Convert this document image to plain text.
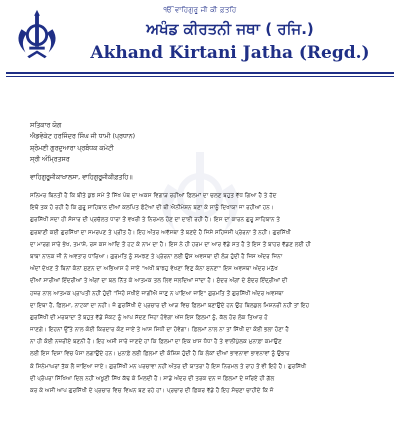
ੴ ਵਾਹਿਗੁਰੂ ਜੀ ਕੀ ਫ਼ਤਹਿ
ਅਖੰਡ ਕੀਰਤਨੀ ਜਥਾ ( ਰਜਿ.)
Akhand Kirtani Jatha (Regd.)
ਸਤਿਕਾਰ ਯੋਗ
ਐਡਵੋਕੇਟ ਹਰਜਿੰਦਰ ਸਿੰਘ ਜੀ ਧਾਮੀ (ਪ੍ਰਧਾਨ)
ਸ਼੍ਰੋਮਣੀ ਗੁਰਦੁਆਰਾ ਪ੍ਰਬੰਧਕ ਕਮੇਟੀ
ਸ੍ਰੀ ਅੰਮ੍ਰਿਤਸਰ
ਵਾਹਿਗੁਰੂਜੀਕਾਖ਼ਾਲਸਾ, ਵਾਹਿਗੁਰੂਜੀਕੀਫ਼ਤਹਿ॥
ਸਨਿਮਰ ਬਿਨਤੀ ਹੈ ਕਿ ਬੀਤੇ ਕੁਝ ਸਮੇਂ ਤੋਂ ਸਿੱਖ ਪੰਥ ਦਾ ਅਕਸ ਵਿਗਾੜ ਰਹੀਆਂ ਫ਼ਿਲਮਾਂ ਦਾ ਚਲਣ ਬਹੁਤ ਵੱਧ ਗਿਆ ਹੈ ਤੇ ਹੱਦ
ਇਥੋਂ ਤਕ ਹੋ ਰਹੀ ਹੈ ਕਿ ਗੁਰੂ ਸਾਹਿਬਾਨ ਦੀਆਂ ਕਲਪਿਤ ਫੋਟੋਆਂ ਦੀ ਥੀ ਐਨੀਮੇਸ਼ਨ ਬਣਾ ਕੇ ਸਾਨੂੰ ਦਿਖਾਯਾ ਜਾ ਰਹੀਆਂ ਹਨ।
ਗੁਰਸਿੱਖੀ ਸਦਾ ਹੀ ਸੰਸਾਰ ਦੀ ਪ੍ਰਚੱਲਤ ਧਾਰਾ ਤੋਂ ਵਖਰੀ ਤੇ ਨਿਰਮਲ ਹੋਣ ਦਾ ਦਾਈ ਰਹੀ ਹੈ। ਇਸ ਦਾ ਕਾਰਨ ਗੁਰੂ ਸਾਹਿਬਾਨ ਤੇ
ਗੁਰਬਾਣੀ ਕਈ ਗੁਰਸਿੱਖਾਂ ਦਾ ਸਮਰਪਣ ਤੇ ਪ੍ਰੀਤ ਹੈ। ਇਹ ਅੰਤਰ ਅਵੱਸਥਾ ਤੋਂ ਬਣਦੇ ਹੈ ਜਿਸੇ ਸਹਿਜਸੀ ਪ੍ਰੇਰਨਾ ਤੋਂ ਨਹੀਂ। ਗੁਰਸਿੱਖੀ
ਦਾ ਮਾਰਗ ਸਾਰੇ ਭੇਖ, ਤਮਾਸ਼ੇ, ਰਸ ਕਸ ਆਦਿ ਤੋਂ ਹਟ ਕੇ ਨਾਮ ਦਾ ਹੈ। ਇਸ ਨੇ ਹੀ ਹਰਮ ਦਾ ਆਰ ਵੱਡੇ ਸਤ ਹੈ ਤੇ ਇਸ ਤੋਂ ਬਾਹਰ ਵੱਡਣ ਲਈ ਹੀ
ਬਾਬਾ ਨਾਨਕ ਜੀ ਨੇ ਅਵਤਾਰ ਧਾਰਿਆ। ਗੁਰਮਤਿ ਨੂੰ ਸਮਝਣ ਤੇ ਪ੍ਰੇਰਨਾ ਲਈ ਉਸ ਅਵਸਥਾ ਦੀ ਲੋੜ ਹੁੰਦੀ ਹੈ ਜਿਸ ਅੰਦਰ ਜਿਨਾ
ਅੰਦਾਂ ਦੇਖਣ ਤੋਂ ਬਿਨਾਂ ਕੰਨਾਂ ਸੁਣਨ ਦਾ ਅਭਿਆਸ ਹੋ ਜਾਏ "ਅਖੀ ਬਾਝਹੁ ਵੇਖਣਾ ਵਿਣੁ ਕੰਨਾ ਸੁਨਣਾ" ਇਸ ਅਵਸਥਾ ਅੰਦਰ ਮਨੁੱਖ
ਦੀਆਂ ਸਾਰੀਆਂ ਇੰਦਰੀਆਂ ਤੇ ਅੰਗਾਂ ਦਾ ਬਲ ਨਿੱਤ ਕੇ ਆਤਮਕ ਤਲ ਲਿਵ ਜਲਦਿਆਂ ਜਾਂਦਾ ਹੈ। ਸੁੰਦਰ ਅੰਗਾਂ ਦੇ ਸੁੰਦਰ ਇੰਦ੍ਰੀਆਂ ਦੀ
ਹਜ਼ਰ ਨਾਲ ਆਤਮਕ ਪ੍ਰਾਪਤੀ ਨਹੀਂ ਹੁੰਦੀ "ਜਿਹੋ ਸਖੀਏ ਜਾਗੀਐ ਜਾਣੁ ਨ ਪਾਇਆ ਜਾਇ" ਗੁਰਮਤਿ ਤੋਂ ਗੁਰਸਿੱਖੀ ਅੰਦਰ ਅਵਸਥਾ
ਦਾ ਇਥਾ ਹੈ, ਫ਼ਿਲਮਾ, ਨਾਟਕਾਂ ਦਾ ਨਹੀਂ। ਜੋ ਗੁਰਸਿੱਖੀ ਦੇ ਪ੍ਰਚਾਰ ਦੀ ਆੜ ਵਿਚ ਫ਼ਿਲਮਾਂ ਬਣਾਉਂਦੇ ਹਨ ਉਹ ਬਿਲਕੁਲ ਮਿਸ਼ਨਰੀ ਨਹੀਂ ਤਾਂ ਇਹ
ਗੁਰਸਿੱਖੀ ਦੀ ਮਰਯਾਦਾ ਤੋਂ ਬਹੁਤ ਵੱਡੇ ਸੰਕਟ ਨੂੰ ਆਪ ਸੱਦਣ ਜਿਹਾ ਹੋਵੇਗਾ ਅੱਜ ਇਸ ਫ਼ਿਲਮਾਂ ਨੂੰ, ਕੱਲ ਹੋਰ ਲੋਕ ਤਿਆਰ ਹੋ
ਜਾਣਗੇ। ਇਹਨਾਂ ਉੱਤੇ ਨਾਲ ਕੋਈ ਕਿਰਦਾਰ ਕੋਣ ਜਾਏਂ ਤੇ ਆਸ ਸਿਧੀ ਦਾ ਹੋਵੇਗਾ। ਫ਼ਿਲਮਾਂ ਨਾਲ ਨਾ ਤਾਂ ਸਿੱਖੀ ਦਾ ਕੋਈ ਭਲਾ ਹੋਣਾ ਹੈ
ਨਾ ਹੀ ਕੋਈ ਨਜ਼ਰੀਏ ਬਣਨੀ ਹੈ। ਇਹ ਅਸੀ ਸਾਰੇ ਜਾਣਦੇ ਹਾਂ ਕਿ ਫ਼ਿਲਮਾਂ ਦਾ ਇਕ ਖ਼ਾਸ ਧੰਧਾ ਹੈ ਤੇ ਵਾਲੀਪੁੱਲਕ ਮੁਨਾਫ਼ਾ ਕਮਾਉਣ
ਲਈ ਇਸ ਦਿਸ਼ਾ ਵਿਚ ਪੈਸਾ ਲਗਾਉਂਦੇ ਹਨ। ਮੁਨਾਫ਼ੇ ਲਈ ਫ਼ਿਲਮਾਂ ਦੀ ਕੋਸ਼ਿਸ਼ ਹੁੰਦੀ ਹੈ ਕਿ ਲੋਕਾਂ ਦੀਆਂ ਭਾਵਨਾਵਾਂ ਭਾਵਨਾਵਾਂ ਨੂੰ ਉਭਾਰ
ਕੇ ਸਿਨੇਮਾਘਰਾਂ ਤੱਕ ਲੈ ਜਾਇਆ ਜਾਏ। ਗੁਰਸਿੱਖੀ ਮਨ ਪਰਚਾਵਾ ਨਹੀਂ ਅੰਤਰ ਦੀ ਯਾਤਰਾ ਹੈ ਇਸ ਨਿਰਮਲ ਤੇ ਰਾਹ ਤੋਂ ਵੀ ਇਹੋ ਹੈ। ਗੁਰਸਿੱਖੀ
ਦੀ ਪ੍ਰੰਪਰਾ ਸਿੱਖਿਆ ਦਿਲ ਨਹੀਂ ਅਖੂਣੀ ਸਿੱਖ ਕੱਢ ਕੇ ਮਿਲਦੀ ਹੈ। ਸਾਡੇ ਅੰਦਰ ਦੀ ਤਰਕ ਦਨ ਜ ਫ਼ਿਲਮਾਂ ਦੇ ਜ਼ਰਿਏ ਹੀ ਗੱਲ
ਕਰ ਕੇ ਅਸੀ ਆਪ ਗੁਰਸਿੱਖੀ ਦੇ ਪ੍ਰਚਾਰ ਵਿਚ ਵਿਘਨ ਬਣ ਰਹੇ ਹਾਂ। ਪ੍ਰਚਾਰ ਦੀ ਫ਼ਿਕਰ ਵੱਡੇ ਹੈ ਇਹ ਸੋਚਣਾ ਚਾਹੀਦੇ ਕਿ ਜੋ
